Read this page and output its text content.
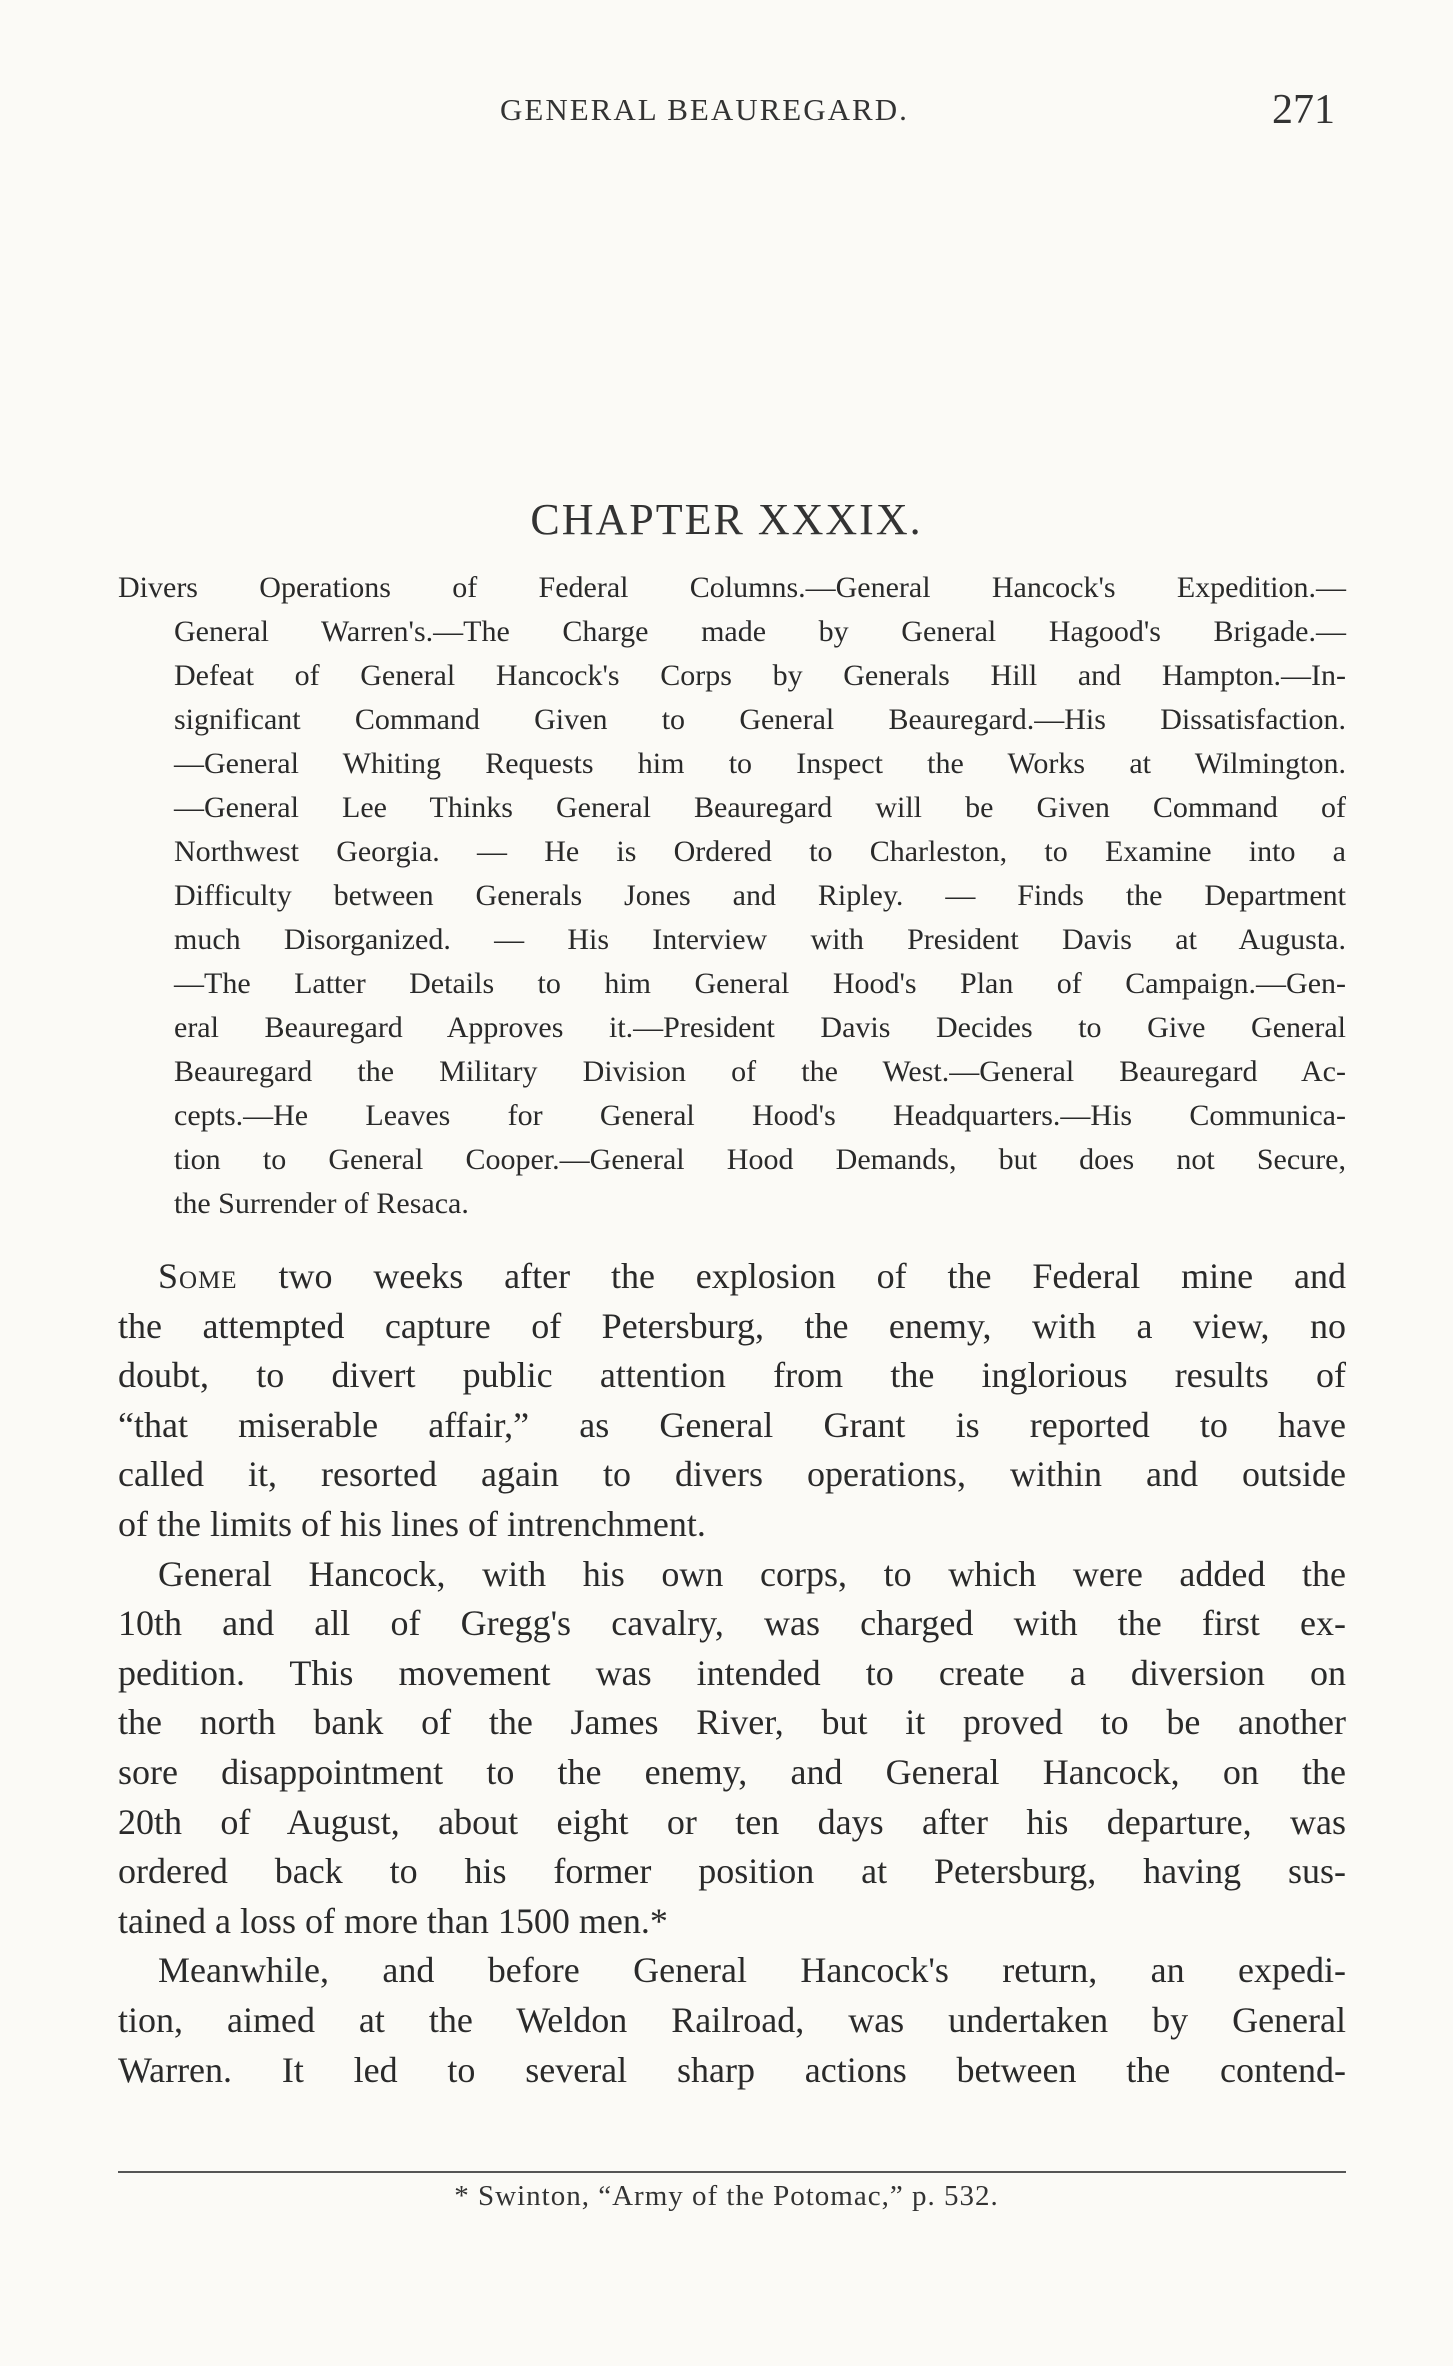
GENERAL BEAUREGARD.	271
CHAPTER XXXIX.
Divers Operations of Federal Columns.—General Hancock's Expedition.—
General Warren's.—The Charge made by General Hagood's Brigade.—
Defeat of General Hancock's Corps by Generals Hill and Hampton.—In-
significant Command Given to General Beauregard.—His Dissatisfaction.
—General Whiting Requests him to Inspect the Works at Wilmington.
—General Lee Thinks General Beauregard will be Given Command of
Northwest Georgia. — He is Ordered to Charleston, to Examine into a
Difficulty between Generals Jones and Ripley. — Finds the Department
much Disorganized. — His Interview with President Davis at Augusta.
—The Latter Details to him General Hood's Plan of Campaign.—Gen-
eral Beauregard Approves it.—President Davis Decides to Give General
Beauregard the Military Division of the West.—General Beauregard Ac-
cepts.—He Leaves for General Hood's Headquarters.—His Communica-
tion to General Cooper.—General Hood Demands, but does not Secure,
the Surrender of Resaca.
Some two weeks after the explosion of the Federal mine and
the attempted capture of Petersburg, the enemy, with a view, no
doubt, to divert public attention from the inglorious results of
“that miserable affair,” as General Grant is reported to have
called it, resorted again to divers operations, within and outside
of the limits of his lines of intrenchment.
General Hancock, with his own corps, to which were added the
10th and all of Gregg's cavalry, was charged with the first ex-
pedition. This movement was intended to create a diversion on
the north bank of the James River, but it proved to be another
sore disappointment to the enemy, and General Hancock, on the
20th of August, about eight or ten days after his departure, was
ordered back to his former position at Petersburg, having sus-
tained a loss of more than 1500 men.*
Meanwhile, and before General Hancock's return, an expedi-
tion, aimed at the Weldon Railroad, was undertaken by General
Warren. It led to several sharp actions between the contend-
* Swinton, “Army of the Potomac,” p. 532.
